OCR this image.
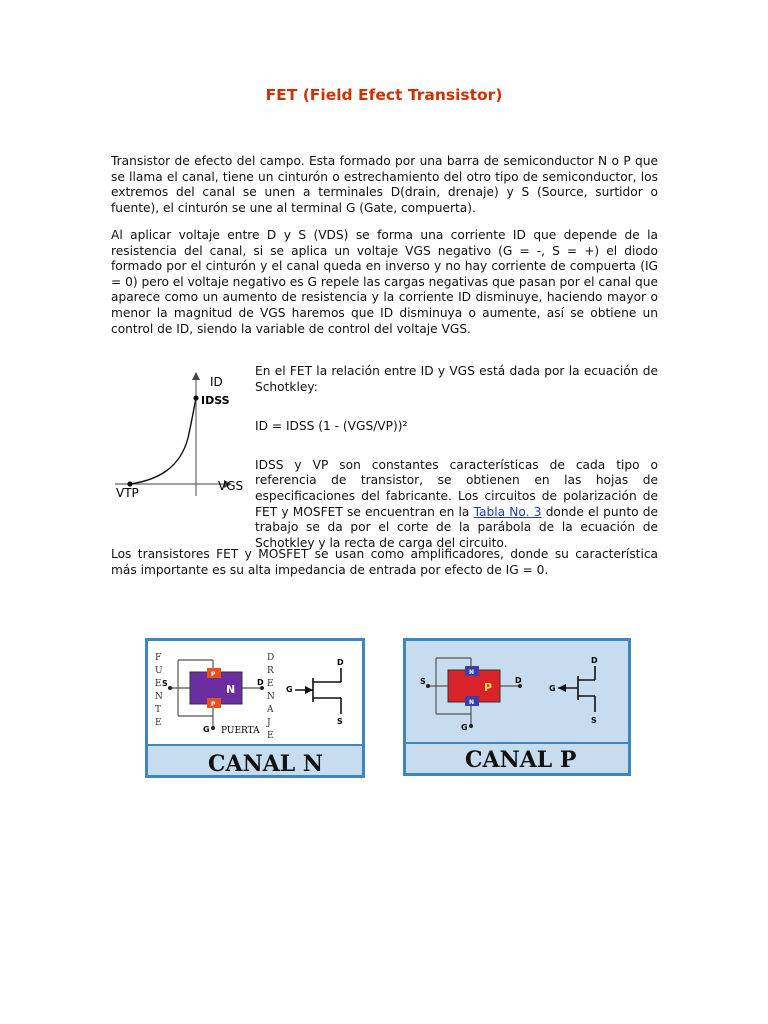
FET (Field Efect Transistor)

Transistor de efecto del campo. Esta formado por una barra de semiconductor N o P que se llama el canal, tiene un cinturón o estrechamiento del otro tipo de semiconductor, los extremos del canal se unen a terminales D(drain, drenaje) y S (Source, surtidor o fuente), el cinturón se une al terminal G (Gate, compuerta).

Al aplicar voltaje entre D y S (VDS) se forma una corriente ID que depende de la resistencia del canal, si se aplica un voltaje VGS negativo (G = -, S = +) el diodo formado por el cinturón y el canal queda en inverso y no hay corriente de compuerta (IG = 0) pero el voltaje negativo es G repele las cargas negativas que pasan por el canal que aparece como un aumento de resistencia y la corriente ID disminuye, haciendo mayor o menor la magnitud de VGS haremos que ID disminuya o aumente, así se obtiene un control de ID, siendo la variable de control del voltaje VGS.

ID
IDSS
VGS
VTP

En el FET la relación entre ID y VGS está dada por la ecuación de Schotkley:

ID = IDSS (1 - (VGS/VP))²

IDSS y VP son constantes características de cada tipo o referencia de transistor, se obtienen en las hojas de especificaciones del fabricante. Los circuitos de polarización de FET y MOSFET se encuentran en la Tabla No. 3 donde el punto de trabajo se da por el corte de la parábola de la ecuación de Schotkley y la recta de carga del circuito.

Los transistores FET y MOSFET se usan como amplificadores, donde su característica más importante es su alta impedancia de entrada por efecto de IG = 0.

F
U
E
N
T
E
D
R
E
N
A
J
E
P
P
N
S	D
G PUERTA
D
G
S
CANAL N
N
N
P
S	D
G
D
G
S
CANAL P
